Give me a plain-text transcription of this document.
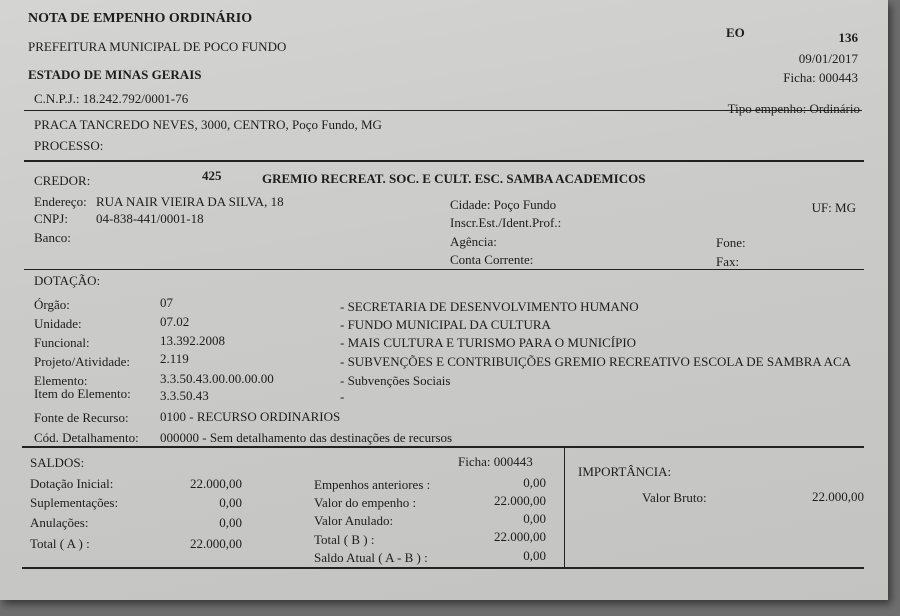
NOTA DE EMPENHO ORDINÁRIO
PREFEITURA MUNICIPAL DE POCO FUNDO
ESTADO DE MINAS GERAIS
C.N.P.J.: 18.242.792/0001-76
EO	136
09/01/2017
Ficha: 000443
Tipo empenho: Ordinário
PRACA TANCREDO NEVES, 3000, CENTRO, Poço Fundo, MG
PROCESSO:
CREDOR:	425	GREMIO RECREAT. SOC. E CULT. ESC. SAMBA ACADEMICOS
Endereço: RUA NAIR VIEIRA DA SILVA, 18
CNPJ: 04-838-441/0001-18
Banco:
Cidade: Poço Fundo
Inscr.Est./Ident.Prof.:
Agência:
Conta Corrente:
UF: MG
Fone:
Fax:
DOTAÇÃO:
Órgão:	07	- SECRETARIA DE DESENVOLVIMENTO HUMANO
Unidade:	07.02	- FUNDO MUNICIPAL DA CULTURA
Funcional:	13.392.2008	- MAIS CULTURA E TURISMO PARA O MUNICÍPIO
Projeto/Atividade: 2.119	- SUBVENÇÕES E CONTRIBUIÇÕES GREMIO RECREATIVO ESCOLA DE SAMBRA ACA
Elemento:	3.3.50.43.00.00.00.00	- Subvenções Sociais
Item do Elemento: 3.3.50.43	-
Fonte de Recurso: 0100 - RECURSO ORDINARIOS
Cód. Detalhamento: 000000 - Sem detalhamento das destinações de recursos
SALDOS:	Ficha: 000443
Dotação Inicial:	22.000,00
Suplementações:	0,00
Anulações:	0,00
Total ( A ) :	22.000,00
Empenhos anteriores :	0,00
Valor do empenho :	22.000,00
Valor Anulado:	0,00
Total ( B ) :	22.000,00
Saldo Atual ( A - B ) :	0,00
IMPORTÂNCIA:
Valor Bruto:	22.000,00
